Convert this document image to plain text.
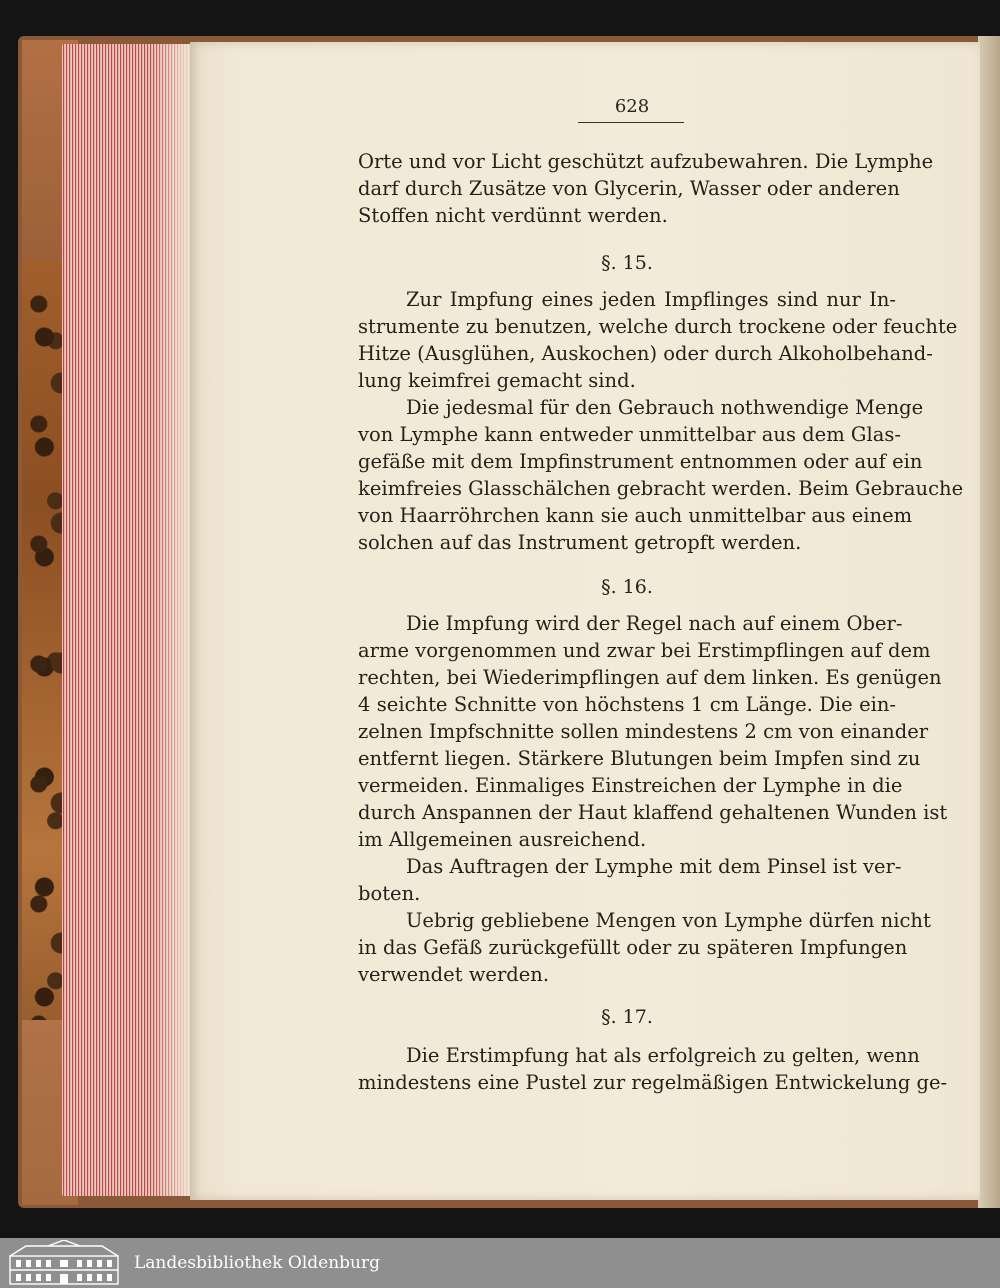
628
Orte und vor Licht geschützt aufzubewahren. Die Lymphe
darf durch Zusätze von Glycerin, Wasser oder anderen
Stoffen nicht verdünnt werden.
§. 15.
Zur Impfung eines jeden Impflinges sind nur In-
strumente zu benutzen, welche durch trockene oder feuchte
Hitze (Ausglühen, Auskochen) oder durch Alkoholbehand-
lung keimfrei gemacht sind.
Die jedesmal für den Gebrauch nothwendige Menge
von Lymphe kann entweder unmittelbar aus dem Glas-
gefäße mit dem Impfinstrument entnommen oder auf ein
keimfreies Glasschälchen gebracht werden. Beim Gebrauche
von Haarröhrchen kann sie auch unmittelbar aus einem
solchen auf das Instrument getropft werden.
§. 16.
Die Impfung wird der Regel nach auf einem Ober-
arme vorgenommen und zwar bei Erstimpflingen auf dem
rechten, bei Wiederimpflingen auf dem linken. Es genügen
4 seichte Schnitte von höchstens 1 cm Länge. Die ein-
zelnen Impfschnitte sollen mindestens 2 cm von einander
entfernt liegen. Stärkere Blutungen beim Impfen sind zu
vermeiden. Einmaliges Einstreichen der Lymphe in die
durch Anspannen der Haut klaffend gehaltenen Wunden ist
im Allgemeinen ausreichend.
Das Auftragen der Lymphe mit dem Pinsel ist ver-
boten.
Uebrig gebliebene Mengen von Lymphe dürfen nicht
in das Gefäß zurückgefüllt oder zu späteren Impfungen
verwendet werden.
§. 17.
Die Erstimpfung hat als erfolgreich zu gelten, wenn
mindestens eine Pustel zur regelmäßigen Entwickelung ge-
Landesbibliothek Oldenburg
